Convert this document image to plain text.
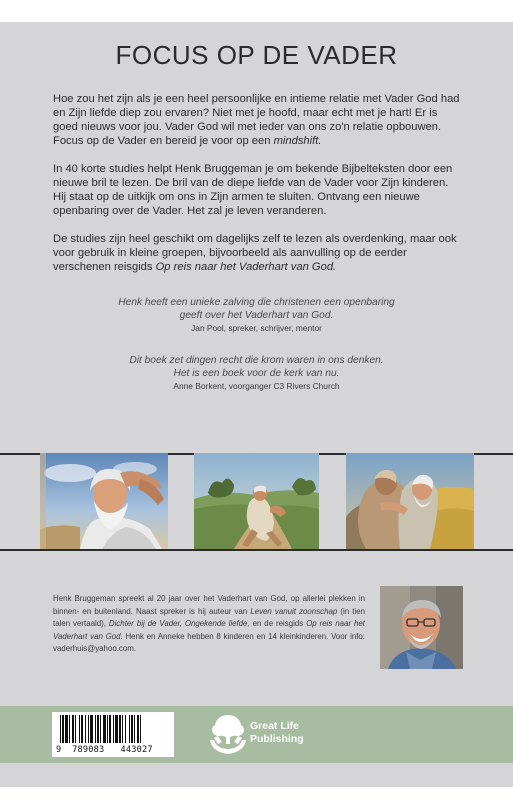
FOCUS OP DE VADER

Hoe zou het zijn als je een heel persoonlijke en intieme relatie met Vader God had en Zijn liefde diep zou ervaren? Niet met je hoofd, maar echt met je hart! Er is goed nieuws voor jou. Vader God wil met ieder van ons zo'n relatie opbouwen. Focus op de Vader en bereid je voor op een mindshift.

In 40 korte studies helpt Henk Bruggeman je om bekende Bijbelteksten door een nieuwe bril te lezen. De bril van de diepe liefde van de Vader voor Zijn kinderen. Hij staat op de uitkijk om ons in Zijn armen te sluiten. Ontvang een nieuwe openbaring over de Vader. Het zal je leven veranderen.

De studies zijn heel geschikt om dagelijks zelf te lezen als overdenking, maar ook voor gebruik in kleine groepen, bijvoorbeeld als aanvulling op de eerder verschenen reisgids Op reis naar het Vaderhart van God.

Henk heeft een unieke zalving die christenen een openbaring

geeft over het Vaderhart van God.

Jan Pool, spreker, schrijver, mentor

Dit boek zet dingen recht die krom waren in ons denken.

Het is een boek voor de kerk van nu.

Anne Borkent, voorganger C3 Rivers Church

Henk Bruggeman spreekt al 20 jaar over het Vaderhart van God, op allerlei plekken in binnen- en buitenland. Naast spreker is hij auteur van Leven vanuit zoonschap (in tien talen vertaald), Dichter bij de Vader, Ongekende liefde, en de reisgids Op reis naar het Vaderhart van God. Henk en Anneke hebben 8 kinderen en 14 kleinkinderen. Voor info: vaderhuis@yahoo.com.

9 789083 443027
Great Life
Publishing
